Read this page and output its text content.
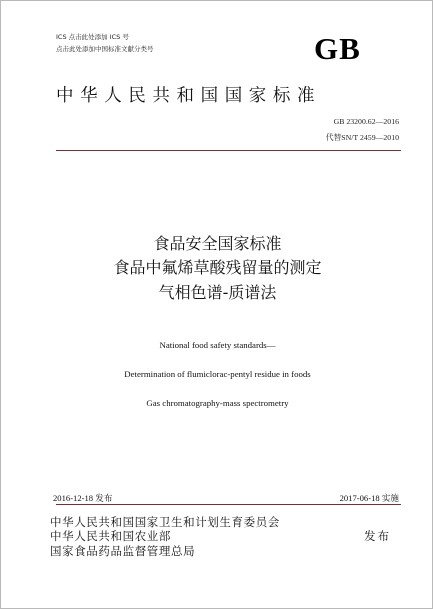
ICS 点击此处添加 ICS 号
点击此处添加中国标准文献分类号	GB
中华人民共和国国家标准
GB 23200.62—2016
代替SN/T 2459—2010
食品安全国家标准
食品中氟烯草酸残留量的测定
气相色谱-质谱法
National food safety standards—
Determination of flumiclorac-pentyl residue in foods
Gas chromatography-mass spectrometry
2016-12-18 发布	2017-06-18 实施
中华人民共和国国家卫生和计划生育委员会
中华人民共和国农业部
国家食品药品监督管理总局
发布
